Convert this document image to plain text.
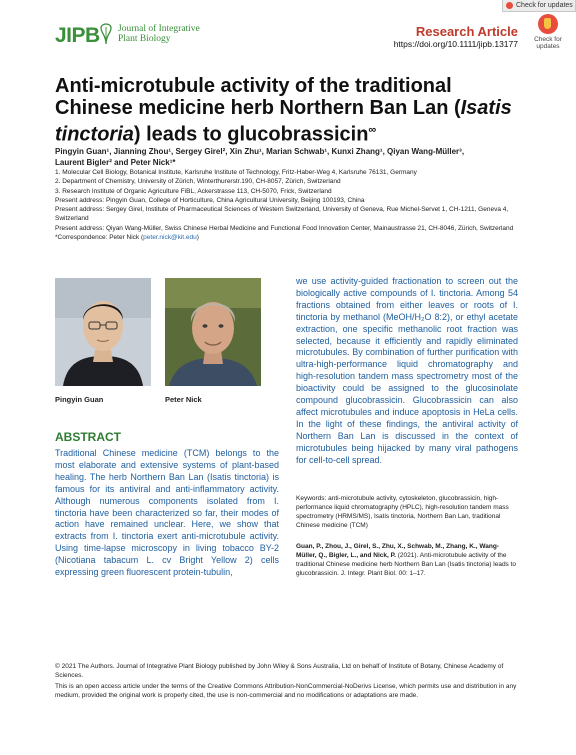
JIPB Journal of Integrative
Plant Biology
Check for updates
Research Article
https://doi.org/10.1111/jipb.13177	Check for
updates
Anti-microtubule activity of the traditional Chinese medicine herb Northern Ban Lan (Isatis tinctoria) leads to glucobrassicin∞
Pingyin Guan¹, Jianning Zhou¹, Sergey Girel², Xin Zhu¹, Marian Schwab¹, Kunxi Zhang¹, Qiyan Wang-Müller³,
Laurent Bigler² and Peter Nick¹*
1. Molecular Cell Biology, Botanical Institute, Karlsruhe Institute of Technology, Fritz-Haber-Weg 4, Karlsruhe 76131, Germany
2. Department of Chemistry, University of Zürich, Winterthurerstr.190, CH-8057, Zürich, Switzerland
3. Research Institute of Organic Agriculture FiBL, Ackerstrasse 113, CH-5070, Frick, Switzerland
Present address: Pingyin Guan, College of Horticulture, China Agricultural University, Beijing 100193, China
Present address: Sergey Girel, Institute of Pharmaceutical Sciences of Western Switzerland, University of Geneva, Rue Michel-Servet 1, CH-1211, Geneva 4, Switzerland
Present address: Qiyan Wang-Müller, Swiss Chinese Herbal Medicine and Functional Food Innovation Center, Mainaustrasse 21, CH-8046, Zürich, Switzerland
*Correspondence: Peter Nick (peter.nick@kit.edu)
Pingyin Guan	Peter Nick
ABSTRACT
Traditional Chinese medicine (TCM) belongs to the most elaborate and extensive systems of plant-based healing. The herb Northern Ban Lan (Isatis tinctoria) is famous for its antiviral and anti-inflammatory activity. Although numerous components isolated from I. tinctoria have been characterized so far, their modes of action have remained unclear. Here, we show that extracts from I. tinctoria exert anti-microtubule activity. Using time-lapse microscopy in living tobacco BY-2 (Nicotiana tabacum L. cv Bright Yellow 2) cells expressing green fluorescent protein-tubulin,
we use activity-guided fractionation to screen out the biologically active compounds of I. tinctoria. Among 54 fractions obtained from either leaves or roots of I. tinctoria by methanol (MeOH/H₂O 8:2), or ethyl acetate extraction, one specific methanolic root fraction was selected, because it efficiently and rapidly eliminated microtubules. By combination of further purification with ultra-high-performance liquid chromatography and high-resolution tandem mass spectrometry most of the bioactivity could be assigned to the glucosinolate compound glucobrassicin. Glucobrassicin can also affect microtubules and induce apoptosis in HeLa cells. In the light of these findings, the antiviral activity of Northern Ban Lan is discussed in the context of microtubules being hijacked by many viral pathogens for cell-to-cell spread.
Keywords: anti-microtubule activity, cytoskeleton, glucobrassicin, high-performance liquid chromatography (HPLC), high-resolution tandem mass spectrometry (HRMS/MS), Isatis tinctoria, Northern Ban Lan, traditional Chinese medicine (TCM)
Guan, P., Zhou, J., Girel, S., Zhu, X., Schwab, M., Zhang, K., Wang-Müller, Q., Bigler, L., and Nick, P. (2021). Anti-microtubule activity of the traditional Chinese medicine herb Northern Ban Lan (Isatis tinctoria) leads to glucobrassicin. J. Integr. Plant Biol. 00: 1–17.
© 2021 The Authors. Journal of Integrative Plant Biology published by John Wiley & Sons Australia, Ltd on behalf of Institute of Botany, Chinese Academy of Sciences.
This is an open access article under the terms of the Creative Commons Attribution-NonCommercial-NoDerivs License, which permits use and distribution in any medium, provided the original work is properly cited, the use is non-commercial and no modifications or adaptations are made.
